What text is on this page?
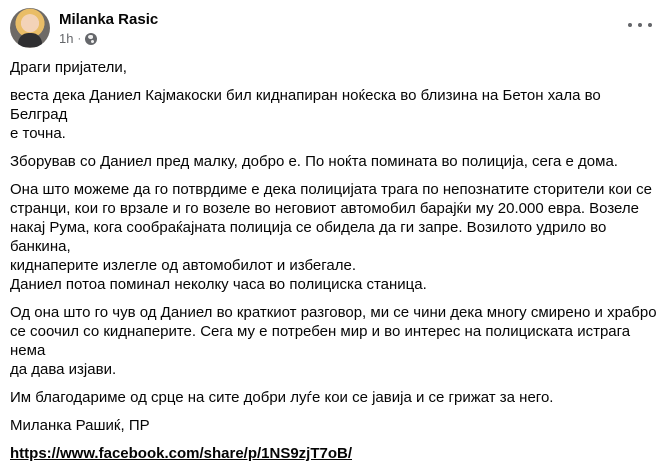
Milanka Rasic
1h ·

Драги пријатели,

веста дека Даниел Кајмакоски бил киднапиран ноќеска во близина на Бетон хала во Белград
е точна.

Зборував со Даниел пред малку, добро е. По ноќта помината во полиција, сега е дома.

Она што можеме да го потврдиме е дека полицијата трага по непознатите сторители кои се
странци, кои го врзале и го возеле во неговиот автомобил барајќи му 20.000 евра. Возеле
накај Рума, кога сообраќајната полиција се обидела да ги запре. Возилото удрило во банкина,
киднаперите излегле од автомобилот и избегале.
Даниел потоа поминал неколку часа во полициска станица.

Од она што го чув од Даниел во краткиот разговор, ми се чини дека многу смирено и храбро
се соочил со киднаперите. Сега му е потребен мир и во интерес на полициската истрага нема
да дава изјави.

Им благодариме од срце на сите добри луѓе кои се јавија и се грижат за него.

Миланка Рашиќ, ПР

https://www.facebook.com/share/p/1NS9zjT7oB/
